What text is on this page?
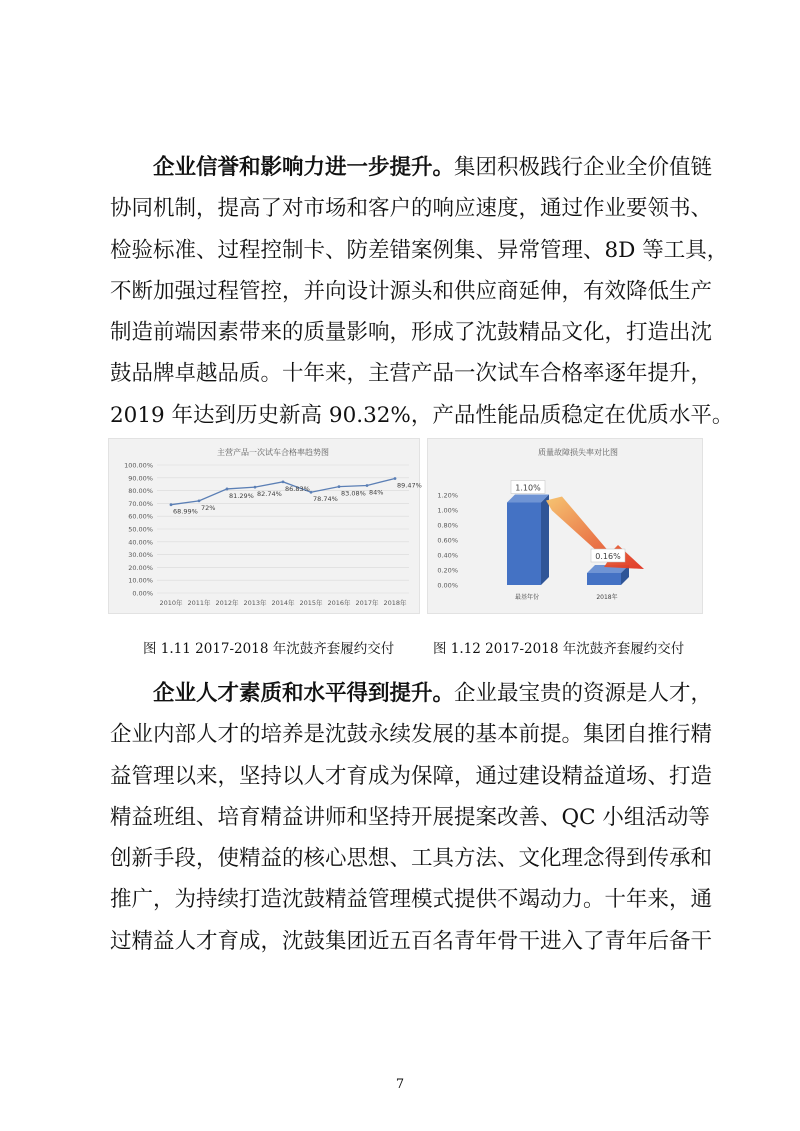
企业信誉和影响力进一步提升。集团积极践行企业全价值链
协同机制，提高了对市场和客户的响应速度，通过作业要领书、
检验标准、过程控制卡、防差错案例集、异常管理、8D 等工具，
不断加强过程管控，并向设计源头和供应商延伸，有效降低生产
制造前端因素带来的质量影响，形成了沈鼓精品文化，打造出沈
鼓品牌卓越品质。十年来，主营产品一次试车合格率逐年提升，
2019 年达到历史新高 90.32%，产品性能品质稳定在优质水平。
主营产品一次试车合格率趋势图
0.00%
10.00%
20.00%
30.00%
40.00%
50.00%
60.00%
70.00%
80.00%
90.00%
100.00%
2010年 2011年 2012年 2013年 2014年 2015年 2016年 2017年 2018年
68.99% 72%
81.29% 82.74%
86.83%
78.74%
83.08% 84%
89.47%
质量故障损失率对比图
0.00%
0.20%
0.40%
0.60%
0.80%
1.00%
1.20%
最基年份	2018年
1.10%
0.16%
图 1.11 2017-2018 年沈鼓齐套履约交付	图 1.12 2017-2018 年沈鼓齐套履约交付
企业人才素质和水平得到提升。企业最宝贵的资源是人才，
企业内部人才的培养是沈鼓永续发展的基本前提。集团自推行精
益管理以来，坚持以人才育成为保障，通过建设精益道场、打造
精益班组、培育精益讲师和坚持开展提案改善、QC 小组活动等
创新手段，使精益的核心思想、工具方法、文化理念得到传承和
推广，为持续打造沈鼓精益管理模式提供不竭动力。十年来，通
过精益人才育成，沈鼓集团近五百名青年骨干进入了青年后备干
7
